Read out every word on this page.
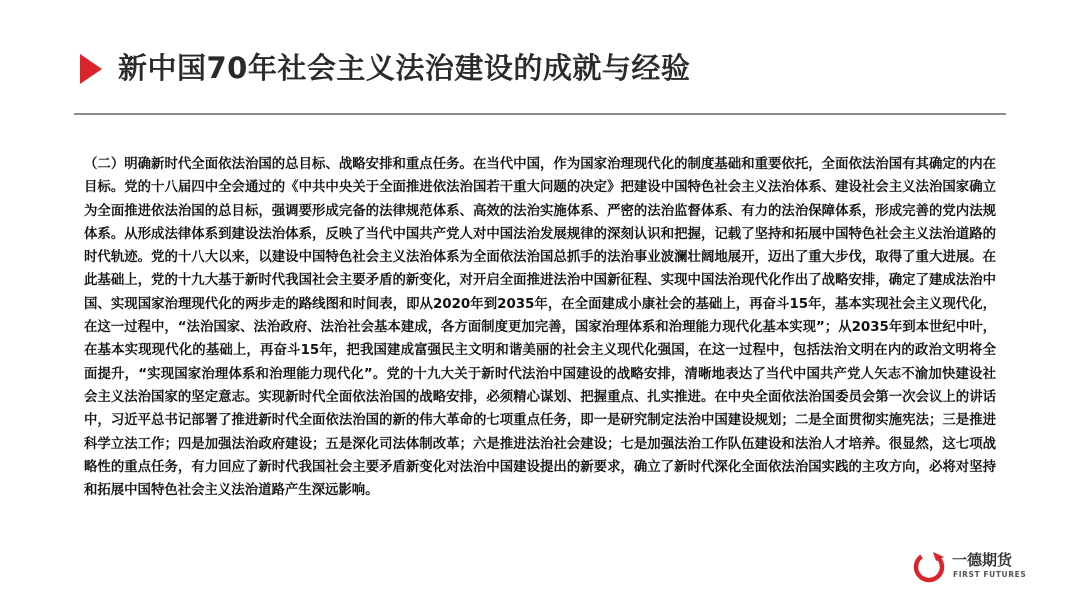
新中国70年社会主义法治建设的成就与经验
（二）明确新时代全面依法治国的总目标、战略安排和重点任务。在当代中国，作为国家治理现代化的制度基础和重要依托，全面依法治国有其确定的内在目标。党的十八届四中全会通过的《中共中央关于全面推进依法治国若干重大问题的决定》把建设中国特色社会主义法治体系、建设社会主义法治国家确立为全面推进依法治国的总目标，强调要形成完备的法律规范体系、高效的法治实施体系、严密的法治监督体系、有力的法治保障体系，形成完善的党内法规体系。从形成法律体系到建设法治体系，反映了当代中国共产党人对中国法治发展规律的深刻认识和把握，记载了坚持和拓展中国特色社会主义法治道路的时代轨迹。党的十八大以来，以建设中国特色社会主义法治体系为全面依法治国总抓手的法治事业波澜壮阔地展开，迈出了重大步伐，取得了重大进展。在此基础上，党的十九大基于新时代我国社会主要矛盾的新变化，对开启全面推进法治中国新征程、实现中国法治现代化作出了战略安排，确定了建成法治中国、实现国家治理现代化的两步走的路线图和时间表，即从2020年到2035年，在全面建成小康社会的基础上，再奋斗15年，基本实现社会主义现代化，在这一过程中，“法治国家、法治政府、法治社会基本建成，各方面制度更加完善，国家治理体系和治理能力现代化基本实现”；从2035年到本世纪中叶，在基本实现现代化的基础上，再奋斗15年，把我国建成富强民主文明和谐美丽的社会主义现代化强国，在这一过程中，包括法治文明在内的政治文明将全面提升，“实现国家治理体系和治理能力现代化”。党的十九大关于新时代法治中国建设的战略安排，清晰地表达了当代中国共产党人矢志不渝加快建设社会主义法治国家的坚定意志。实现新时代全面依法治国的战略安排，必须精心谋划、把握重点、扎实推进。在中央全面依法治国委员会第一次会议上的讲话中，习近平总书记部署了推进新时代全面依法治国的新的伟大革命的七项重点任务，即一是研究制定法治中国建设规划；二是全面贯彻实施宪法；三是推进科学立法工作；四是加强法治政府建设；五是深化司法体制改革；六是推进法治社会建设；七是加强法治工作队伍建设和法治人才培养。很显然，这七项战略性的重点任务，有力回应了新时代我国社会主要矛盾新变化对法治中国建设提出的新要求，确立了新时代深化全面依法治国实践的主攻方向，必将对坚持和拓展中国特色社会主义法治道路产生深远影响。
一德期货
FIRST FUTURES
